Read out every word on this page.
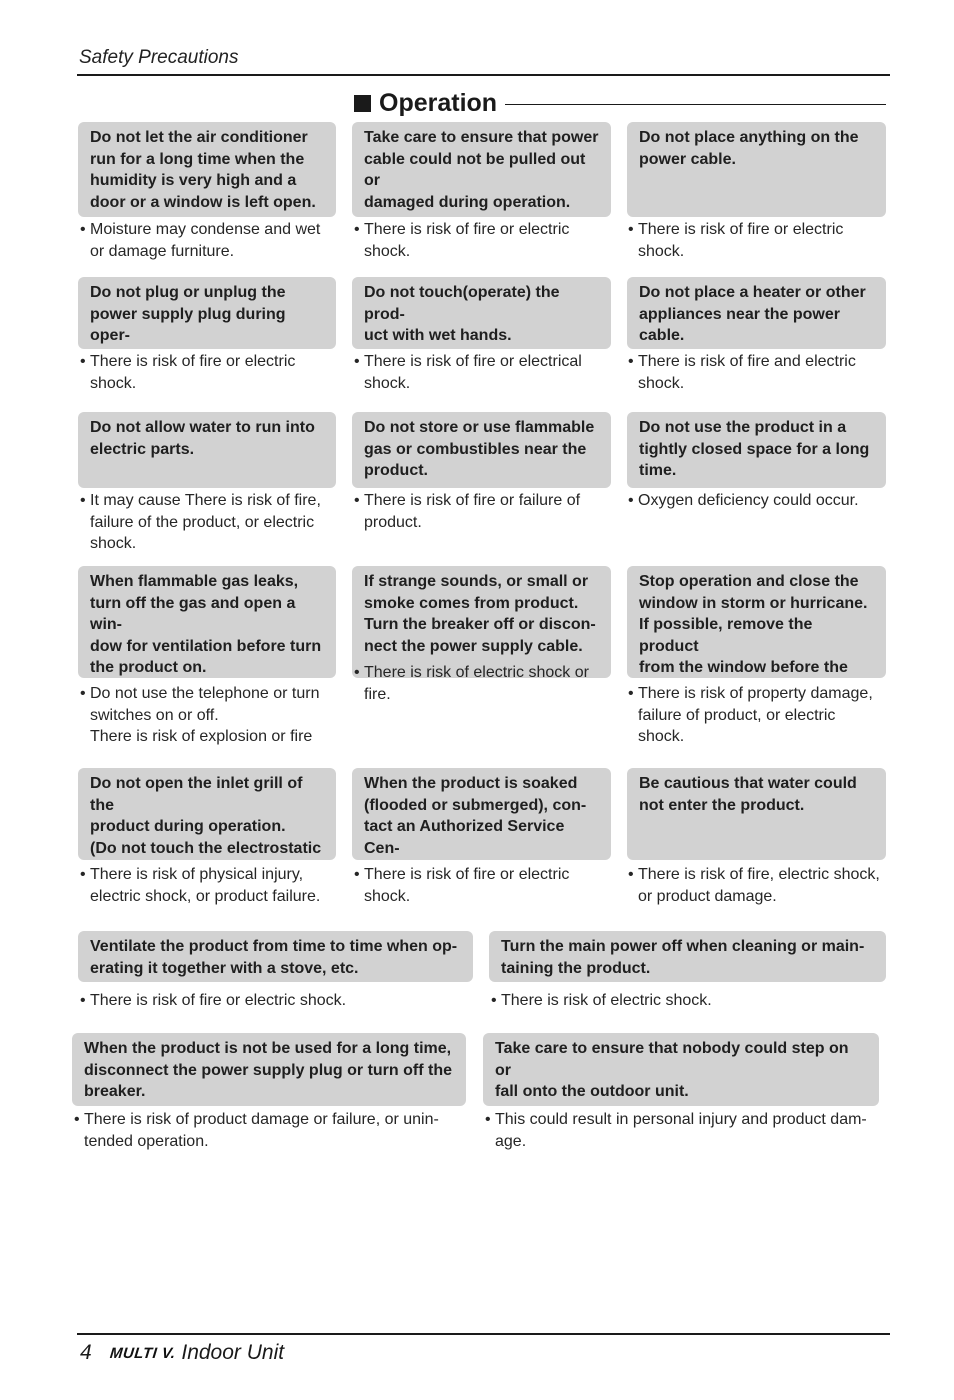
Safety Precautions
Operation
Do not let the air conditioner
run for a long time when the
humidity is very high and a
door or a window is left open.
• Moisture may condense and wet
or damage furniture.
Take care to ensure that power
cable could not be pulled out or
damaged during operation.
• There is risk of fire or electric
shock.
Do not place anything on the
power cable.
• There is risk of fire or electric
shock.
Do not plug or unplug the
power supply plug during oper-

• There is risk of fire or electric
shock.
Do not touch(operate) the prod-
uct with wet hands.
• There is risk of fire or electrical
shock.
Do not place a heater or other
appliances near the power
cable.
• There is risk of fire and electric
shock.
Do not allow water to run into
electric parts.
• It may cause There is risk of fire,
failure of the product, or electric
shock.
Do not store or use flammable
gas or combustibles near the
product.
• There is risk of fire or failure of
product.
Do not use the product in a
tightly closed space for a long
time.
• Oxygen deficiency could occur.
When flammable gas leaks,
turn off the gas and open a win-
dow for ventilation before turn
the product on.
• Do not use the telephone or turn
switches on or off.
There is risk of explosion or fire
If strange sounds, or small or
smoke comes from product.
Turn the breaker off or discon-
nect the power supply cable.
• There is risk of electric shock or
fire.
Stop operation and close the
window in storm or hurricane.
If possible, remove the product
from the window before the

• There is risk of property damage,
failure of product, or electric
shock.
Do not open the inlet grill of the
product during operation.
(Do not touch the electrostatic

• There is risk of physical injury,
electric shock, or product failure.
When the product is soaked
(flooded or submerged), con-
tact an Authorized Service Cen-

• There is risk of fire or electric
shock.
Be cautious that water could
not enter the product.
• There is risk of fire, electric shock,
or product damage.
Ventilate the product from time to time when op-
erating it together with a stove, etc.
• There is risk of fire or electric shock.
Turn the main power off when cleaning or main-
taining the product.
• There is risk of electric shock.
When the product is not be used for a long time,
disconnect the power supply plug or turn off the
breaker.
• There is risk of product damage or failure, or unin-
tended operation.
Take care to ensure that nobody could step on or
fall onto the outdoor unit.
• This could result in personal injury and product dam-
age.
4 MULTI V. Indoor Unit
